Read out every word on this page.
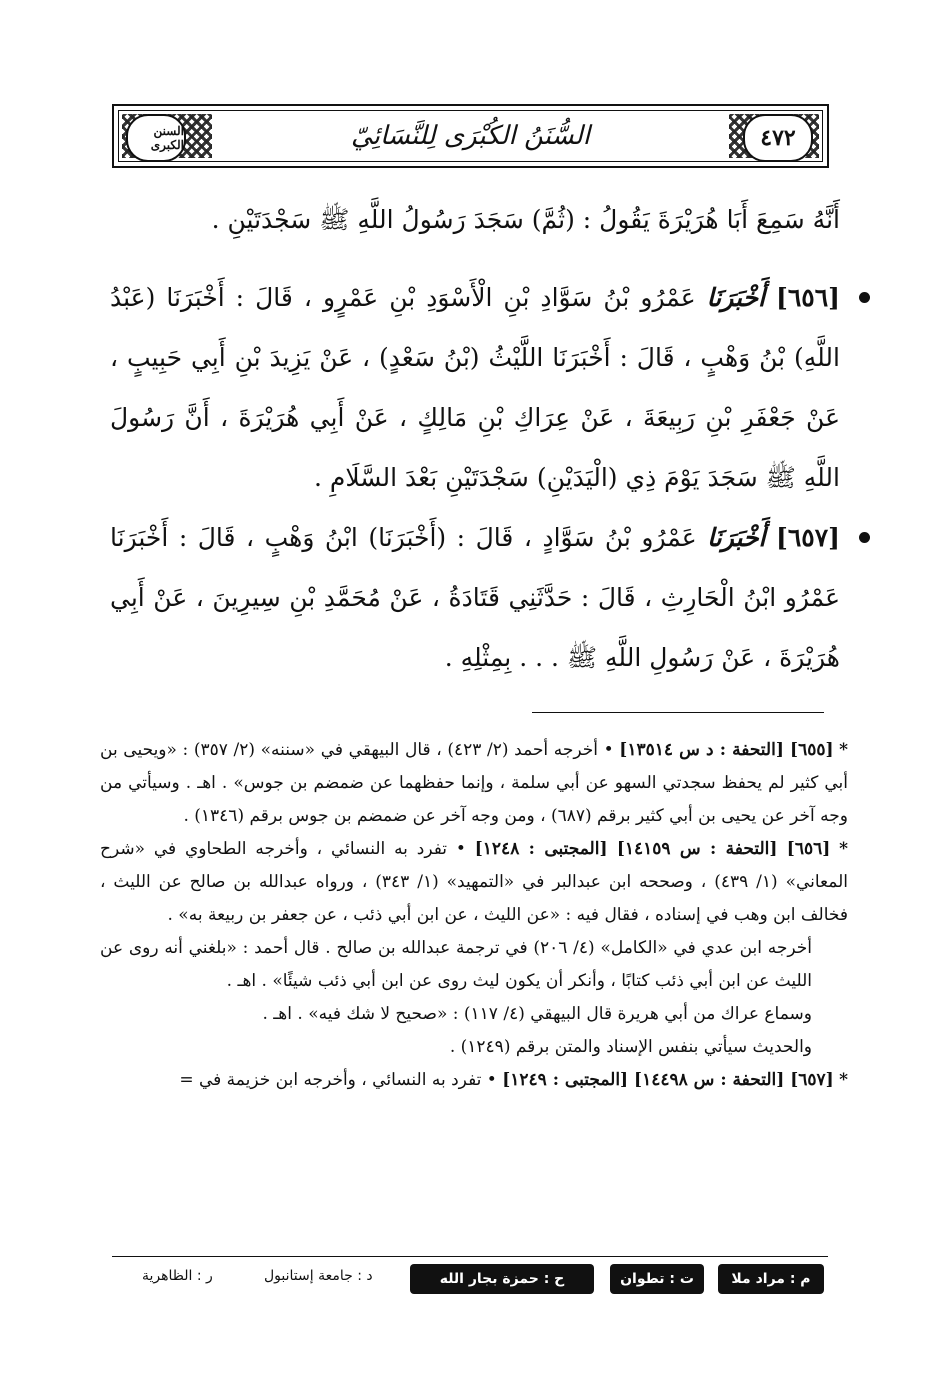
السنن الكبرى	٤٧٢
السُّنَنُ الكُبْرَى لِلنَّسَائِيّ

أَنَّهُ سَمِعَ أَبَا هُرَيْرَةَ يَقُولُ : (ثُمَّ) سَجَدَ رَسُولُ اللَّهِ ﷺ سَجْدَتَيْنِ .

[٦٥٦] أَخْبَرَنَا عَمْرُو بْنُ سَوَّادِ بْنِ الْأَسْوَدِ بْنِ عَمْرٍو ، قَالَ : أَخْبَرَنَا (عَبْدُ اللَّهِ) بْنُ وَهْبٍ ، قَالَ : أَخْبَرَنَا اللَّيْثُ (بْنُ سَعْدٍ) ، عَنْ يَزِيدَ بْنِ أَبِي حَبِيبٍ ، عَنْ جَعْفَرِ بْنِ رَبِيعَةَ ، عَنْ عِرَاكِ بْنِ مَالِكٍ ، عَنْ أَبِي هُرَيْرَةَ ، أَنَّ رَسُولَ اللَّهِ ﷺ سَجَدَ يَوْمَ ذِي (الْيَدَيْنِ) سَجْدَتَيْنِ بَعْدَ السَّلَامِ .

[٦٥٧] أَخْبَرَنَا عَمْرُو بْنُ سَوَّادٍ ، قَالَ : (أَخْبَرَنَا) ابْنُ وَهْبٍ ، قَالَ : أَخْبَرَنَا عَمْرُو ابْنُ الْحَارِثِ ، قَالَ : حَدَّثَنِي قَتَادَةُ ، عَنْ مُحَمَّدِ بْنِ سِيرِينَ ، عَنْ أَبِي هُرَيْرَةَ ، عَنْ رَسُولِ اللَّهِ ﷺ . . . بِمِثْلِهِ .

* [٦٥٥] [التحفة : د س ١٣٥١٤] • أخرجه أحمد (٢/ ٤٢٣) ، قال البيهقي في «سننه» (٢/ ٣٥٧) : «ويحيى بن أبي كثير لم يحفظ سجدتي السهو عن أبي سلمة ، وإنما حفظهما عن ضمضم بن جوس» . اهـ . وسيأتي من وجه آخر عن يحيى بن أبي كثير برقم (٦٨٧) ، ومن وجه آخر عن ضمضم بن جوس برقم (١٣٤٦) .

* [٦٥٦] [التحفة : س ١٤١٥٩] [المجتبى : ١٢٤٨] • تفرد به النسائي ، وأخرجه الطحاوي في «شرح المعاني» (١/ ٤٣٩) ، وصححه ابن عبدالبر في «التمهيد» (١/ ٣٤٣) ، ورواه عبدالله بن صالح عن الليث ، فخالف ابن وهب في إسناده ، فقال فيه : «عن الليث ، عن ابن أبي ذئب ، عن جعفر بن ربيعة به» .

أخرجه ابن عدي في «الكامل» (٤/ ٢٠٦) في ترجمة عبدالله بن صالح . قال أحمد : «بلغني أنه روى عن الليث عن ابن أبي ذئب كتابًا ، وأنكر أن يكون ليث روى عن ابن أبي ذئب شيئًا» . اهـ .

وسماع عراك من أبي هريرة قال البيهقي (٤/ ١١٧) : «صحيح لا شك فيه» . اهـ .

والحديث سيأتي بنفس الإسناد والمتن برقم (١٢٤٩) .

* [٦٥٧] [التحفة : س ١٤٤٩٨] [المجتبى : ١٢٤٩] • تفرد به النسائي ، وأخرجه ابن خزيمة في =

ر : الظاهرية	د : جامعة إستانبول	ح : حمزة بجار الله	ت : تطوان	م : مراد ملا
